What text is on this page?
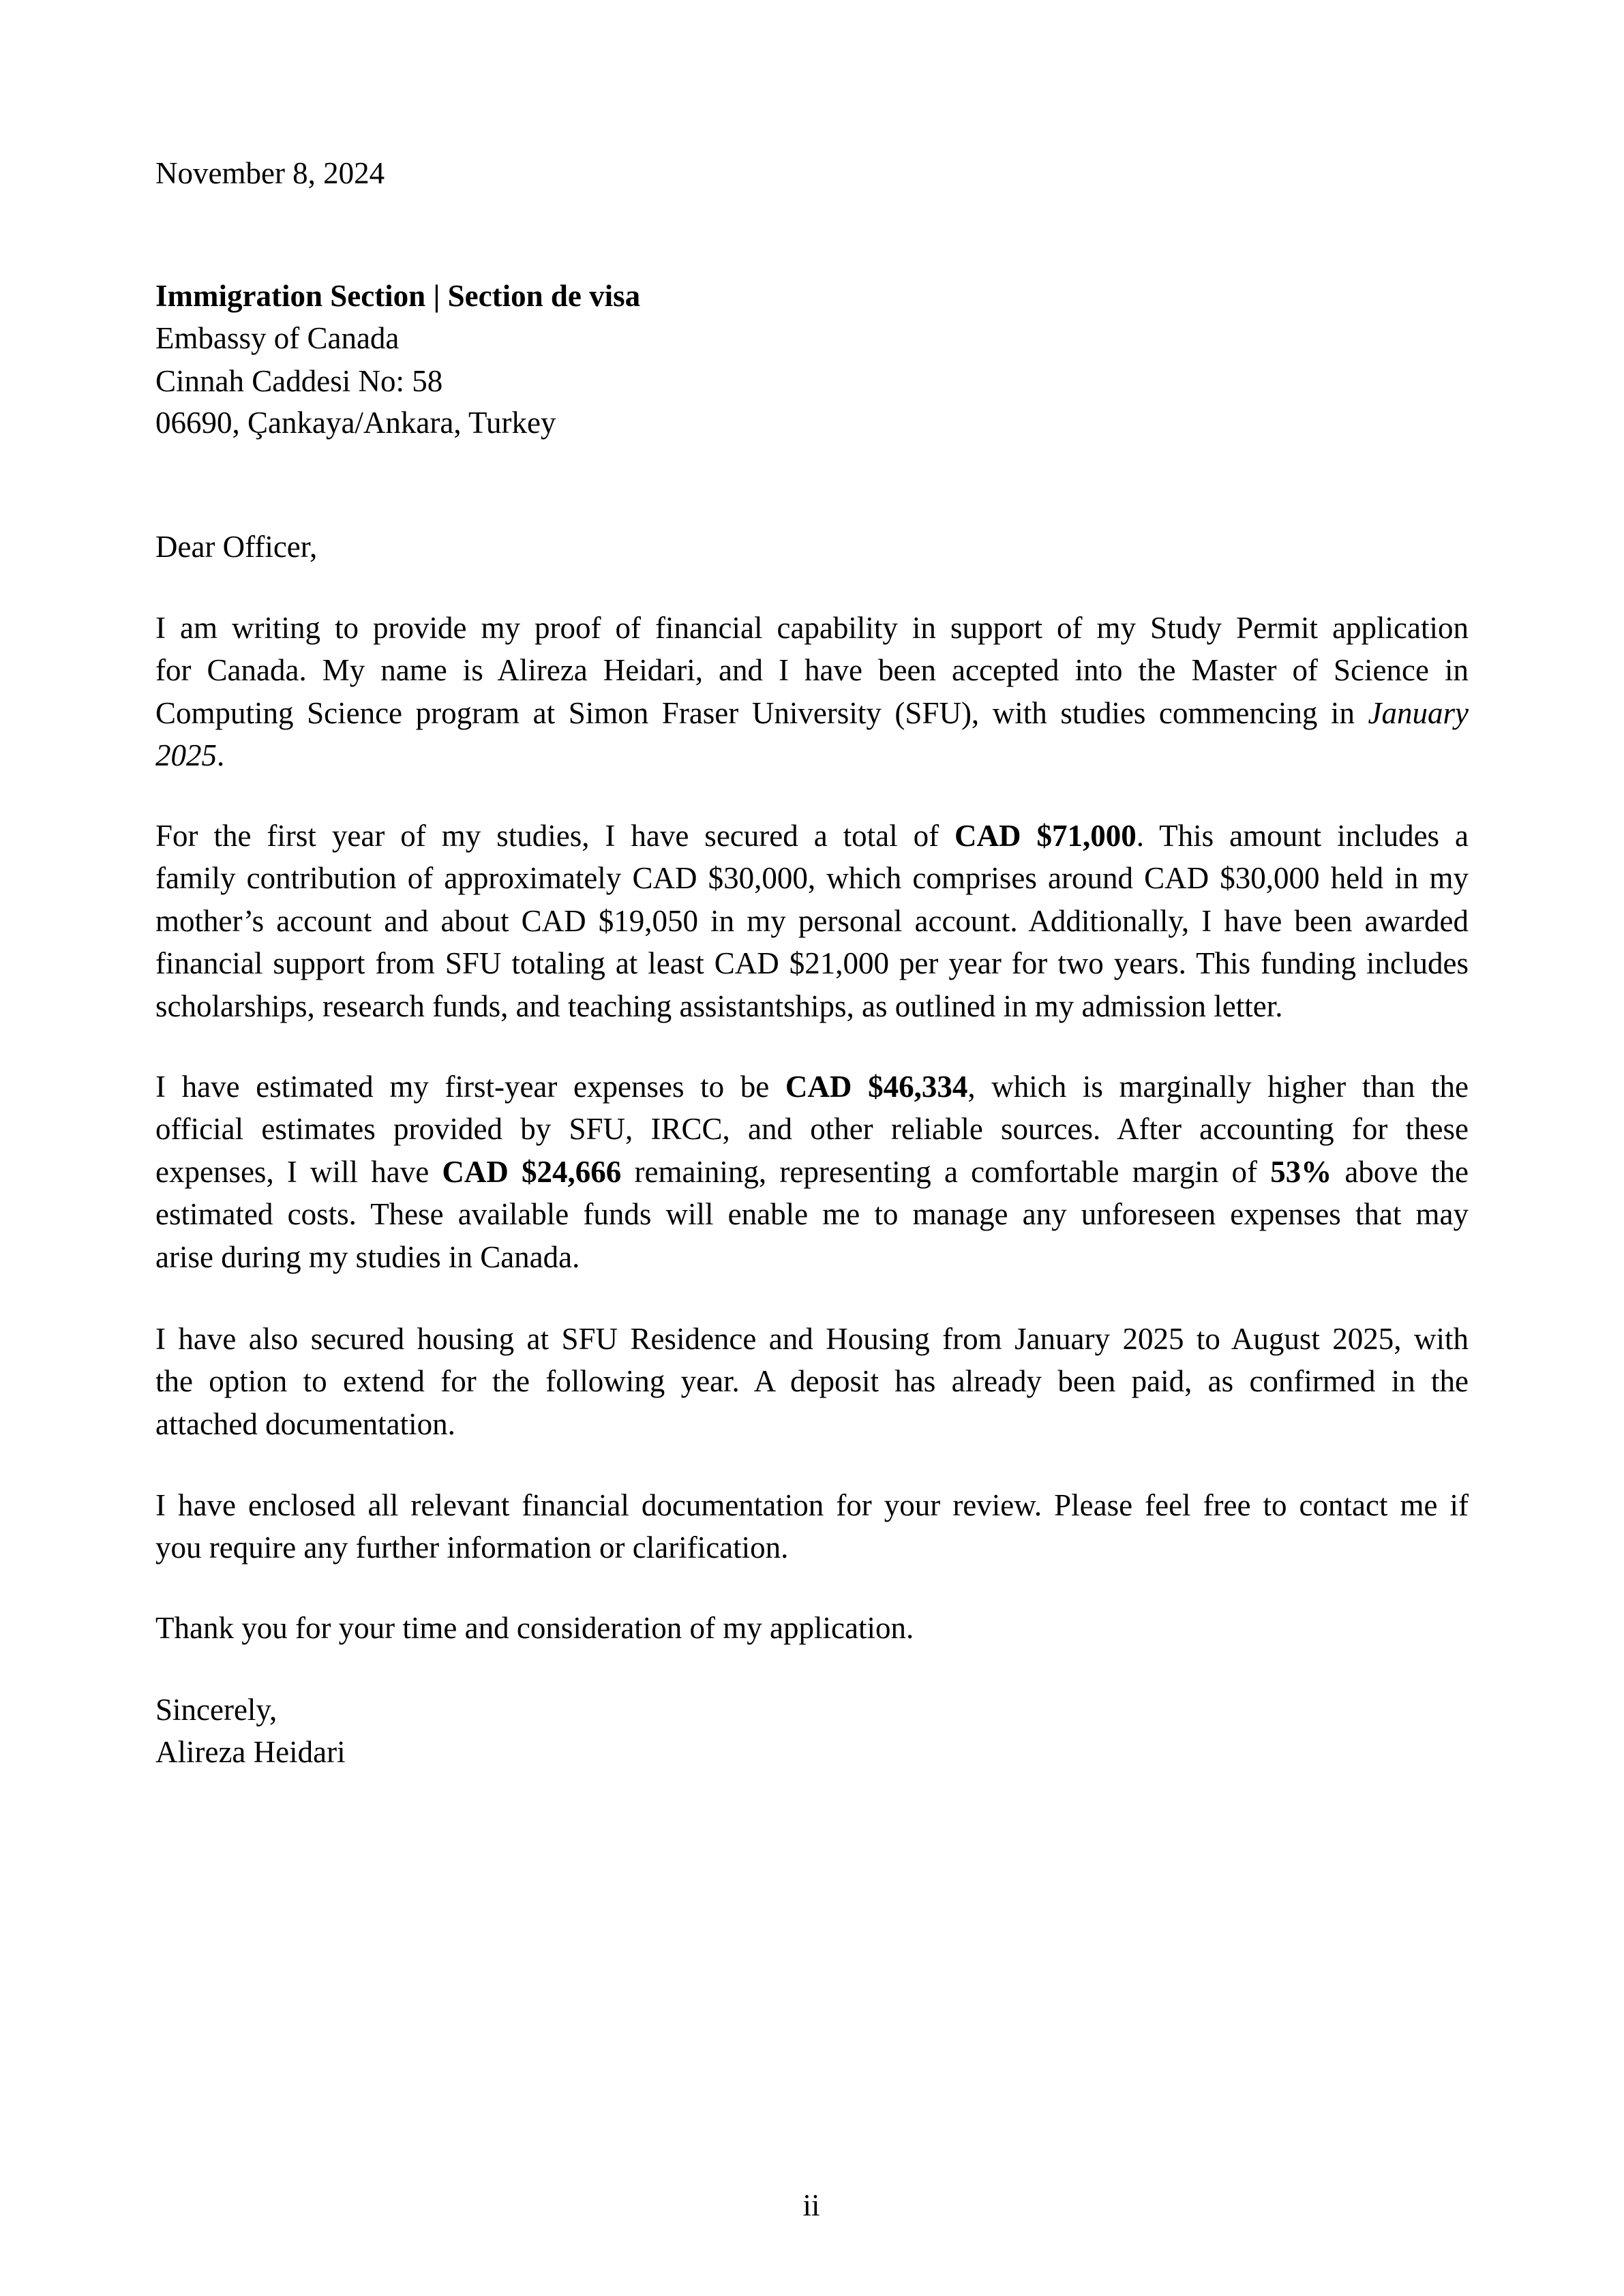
November 8, 2024
Immigration Section | Section de visa
Embassy of Canada
Cinnah Caddesi No: 58
06690, Çankaya/Ankara, Turkey
Dear Officer,
I am writing to provide my proof of financial capability in support of my Study Permit application
for Canada. My name is Alireza Heidari, and I have been accepted into the Master of Science in
Computing Science program at Simon Fraser University (SFU), with studies commencing in January
2025.
For the first year of my studies, I have secured a total of CAD $71,000. This amount includes a
family contribution of approximately CAD $30,000, which comprises around CAD $30,000 held in my
mother’s account and about CAD $19,050 in my personal account. Additionally, I have been awarded
financial support from SFU totaling at least CAD $21,000 per year for two years. This funding includes
scholarships, research funds, and teaching assistantships, as outlined in my admission letter.
I have estimated my first-year expenses to be CAD $46,334, which is marginally higher than the
official estimates provided by SFU, IRCC, and other reliable sources. After accounting for these
expenses, I will have CAD $24,666 remaining, representing a comfortable margin of 53% above the
estimated costs. These available funds will enable me to manage any unforeseen expenses that may
arise during my studies in Canada.
I have also secured housing at SFU Residence and Housing from January 2025 to August 2025, with
the option to extend for the following year. A deposit has already been paid, as confirmed in the
attached documentation.
I have enclosed all relevant financial documentation for your review. Please feel free to contact me if
you require any further information or clarification.
Thank you for your time and consideration of my application.
Sincerely,
Alireza Heidari
ii
